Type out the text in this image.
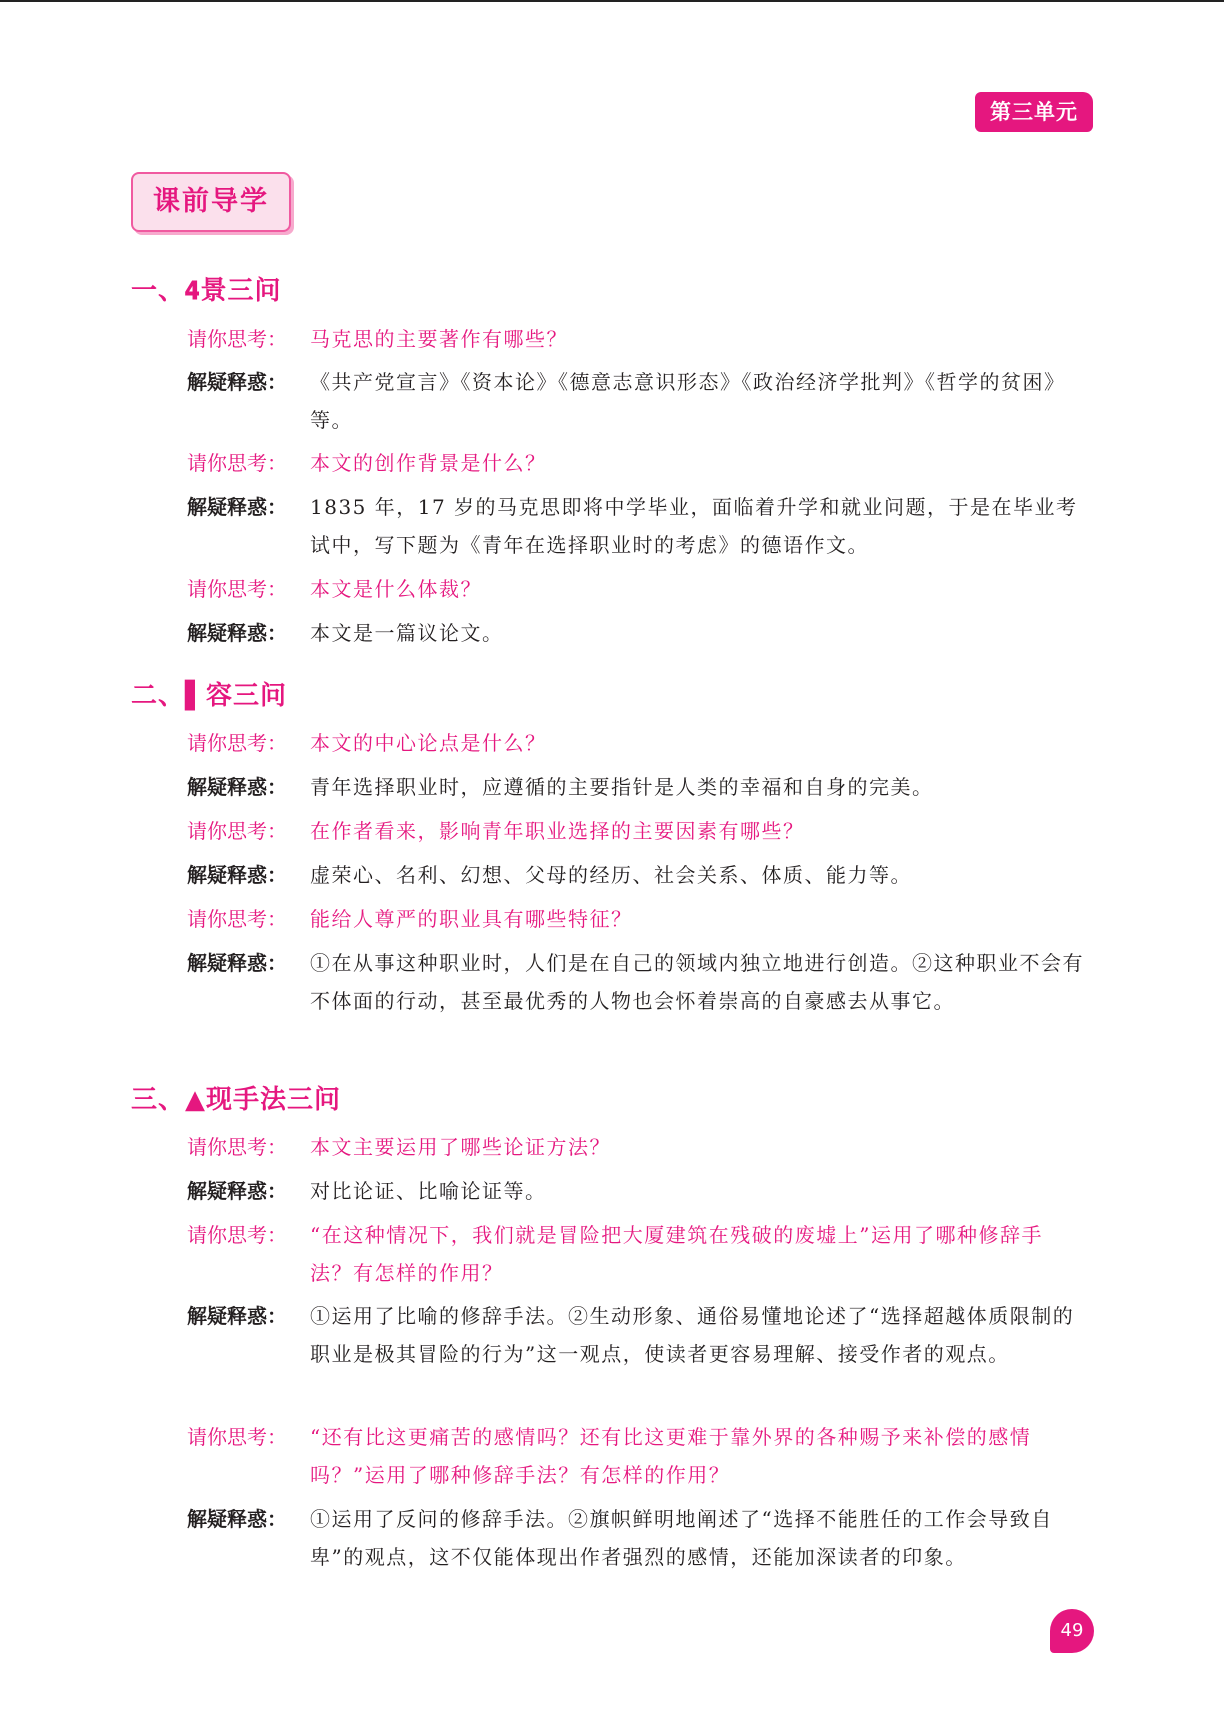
第三单元
课前导学
一、𝟒景三问
请你思考：	马克思的主要著作有哪些？
解疑释惑：	《共产党宣言》《资本论》《德意志意识形态》《政治经济学批判》《哲学的贫困》等。
请你思考：	本文的创作背景是什么？
解疑释惑：	1835 年，17 岁的马克思即将中学毕业，面临着升学和就业问题，于是在毕业考试中，写下题为《青年在选择职业时的考虑》的德语作文。
请你思考：	本文是什么体裁？
解疑释惑：	本文是一篇议论文。
二、▌容三问
请你思考：	本文的中心论点是什么？
解疑释惑：	青年选择职业时，应遵循的主要指针是人类的幸福和自身的完美。
请你思考：	在作者看来，影响青年职业选择的主要因素有哪些？
解疑释惑：	虚荣心、名利、幻想、父母的经历、社会关系、体质、能力等。
请你思考：	能给人尊严的职业具有哪些特征？
解疑释惑：	①在从事这种职业时，人们是在自己的领域内独立地进行创造。②这种职业不会有不体面的行动，甚至最优秀的人物也会怀着崇高的自豪感去从事它。
三、▲现手法三问
请你思考：	本文主要运用了哪些论证方法？
解疑释惑：	对比论证、比喻论证等。
请你思考：	“在这种情况下，我们就是冒险把大厦建筑在残破的废墟上”运用了哪种修辞手法？有怎样的作用？
解疑释惑：	①运用了比喻的修辞手法。②生动形象、通俗易懂地论述了“选择超越体质限制的职业是极其冒险的行为”这一观点，使读者更容易理解、接受作者的观点。
请你思考：	“还有比这更痛苦的感情吗？还有比这更难于靠外界的各种赐予来补偿的感情吗？”运用了哪种修辞手法？有怎样的作用？
解疑释惑：	①运用了反问的修辞手法。②旗帜鲜明地阐述了“选择不能胜任的工作会导致自卑”的观点，这不仅能体现出作者强烈的感情，还能加深读者的印象。
49
